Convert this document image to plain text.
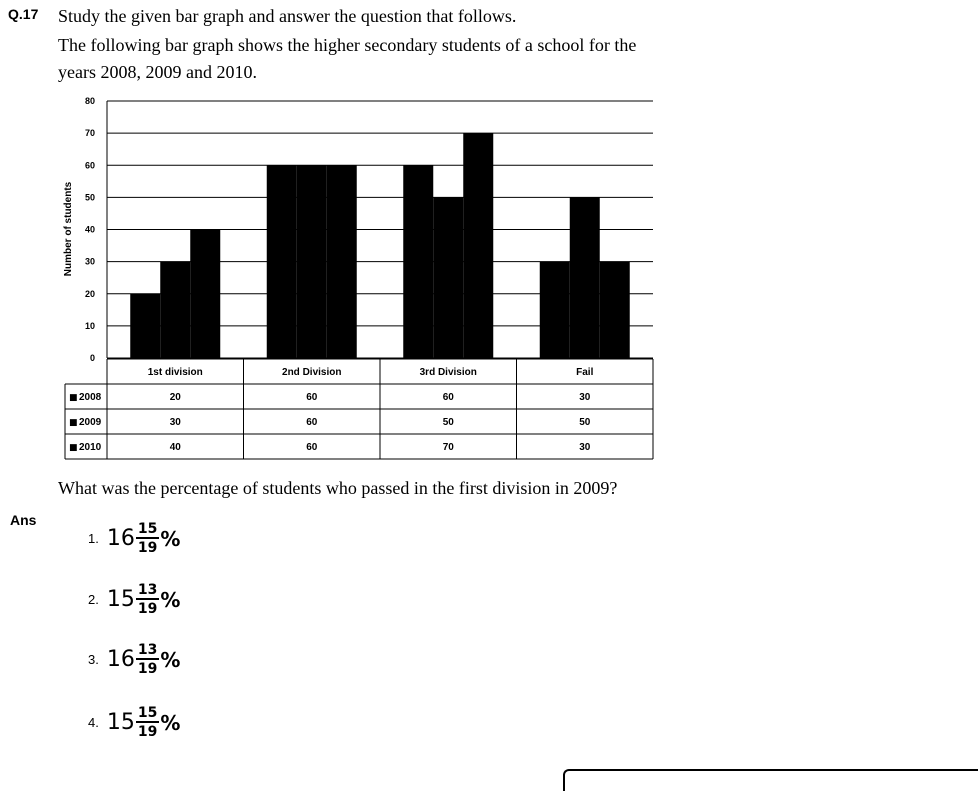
Q.17 Study the given bar graph and answer the question that follows.
The following bar graph shows the higher secondary students of a school for the
years 2008, 2009 and 2010.
0
10
20
30
40
50
60
70
80
Number of students
1st division
20
30
40
2nd Division
60
60
60
3rd Division
60
50
70
Fail
30
50
30
■ 2008
■ 2009
■ 2010
What was the percentage of students who passed in the first division in 2009?
Ans
1. $16 \frac{15}{19}$ %
2. $15 \frac{13}{19}$ %
3. $16 \frac{13}{19}$ %
4. $15 \frac{15}{19}$ %
